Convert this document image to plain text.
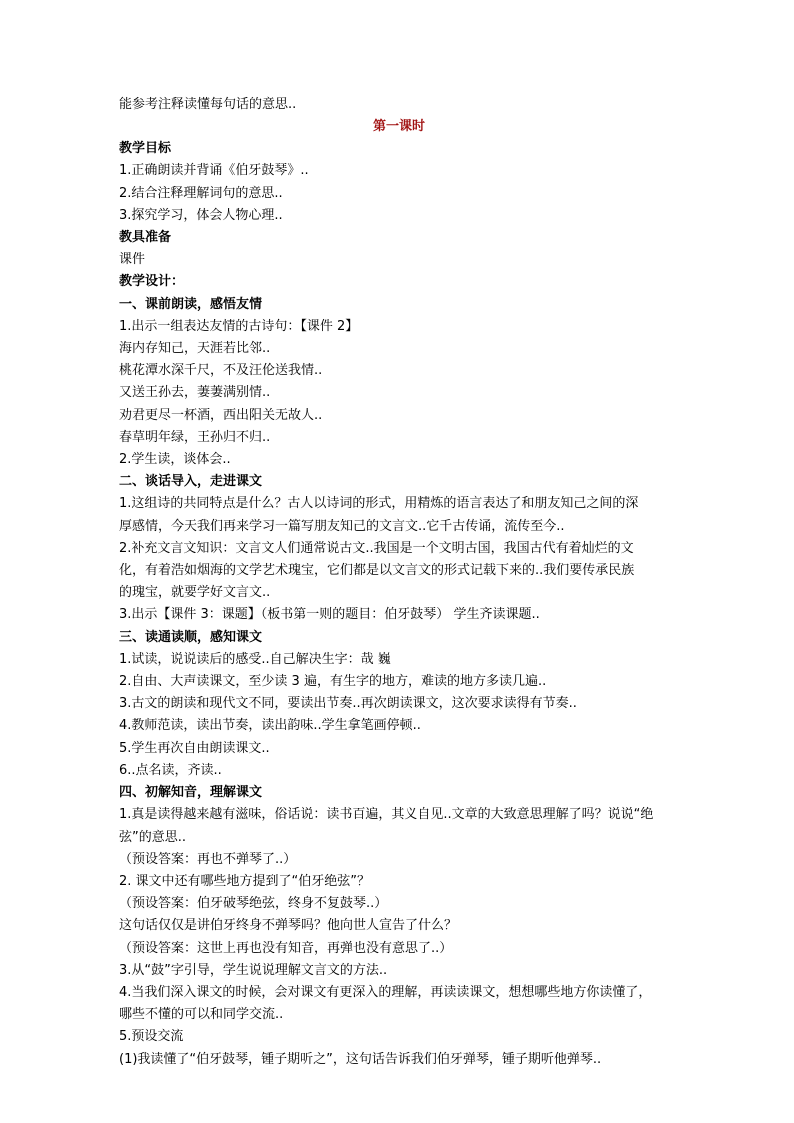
能参考注释读懂每句话的意思..
第一课时
教学目标
1.正确朗读并背诵《伯牙鼓琴》..
2.结合注释理解词句的意思..
3.探究学习，体会人物心理..
教具准备
课件
教学设计：
一、课前朗读，感悟友情
1.出示一组表达友情的古诗句：【课件 2】
海内存知己，天涯若比邻..
桃花潭水深千尺，不及汪伦送我情..
又送王孙去，萋萋满别情..
劝君更尽一杯酒，西出阳关无故人..
春草明年绿，王孙归不归..
2.学生读，谈体会..
二、谈话导入，走进课文
1.这组诗的共同特点是什么？古人以诗词的形式，用精炼的语言表达了和朋友知己之间的深
厚感情，今天我们再来学习一篇写朋友知己的文言文..它千古传诵，流传至今..
2.补充文言文知识：文言文人们通常说古文..我国是一个文明古国，我国古代有着灿烂的文
化，有着浩如烟海的文学艺术瑰宝，它们都是以文言文的形式记载下来的..我们要传承民族
的瑰宝，就要学好文言文..
3.出示【课件 3：课题】（板书第一则的题目：伯牙鼓琴） 学生齐读课题..
三、读通读顺，感知课文
1.试读，说说读后的感受..自己解决生字：哉 巍
2.自由、大声读课文，至少读 3 遍，有生字的地方，难读的地方多读几遍..
3.古文的朗读和现代文不同，要读出节奏..再次朗读课文，这次要求读得有节奏..
4.教师范读，读出节奏，读出韵味..学生拿笔画停顿..
5.学生再次自由朗读课文..
6..点名读，齐读..
四、初解知音，理解课文
1.真是读得越来越有滋味，俗话说：读书百遍，其义自见..文章的大致意思理解了吗？说说“绝
弦”的意思..
（预设答案：再也不弹琴了..）
2. 课文中还有哪些地方提到了“伯牙绝弦”？
（预设答案：伯牙破琴绝弦，终身不复鼓琴..）
这句话仅仅是讲伯牙终身不弹琴吗？他向世人宣告了什么？
（预设答案：这世上再也没有知音，再弹也没有意思了..）
3.从“鼓”字引导，学生说说理解文言文的方法..
4.当我们深入课文的时候，会对课文有更深入的理解，再读读课文，想想哪些地方你读懂了，
哪些不懂的可以和同学交流..
5.预设交流
(1)我读懂了“伯牙鼓琴，锺子期听之”，这句话告诉我们伯牙弹琴，锺子期听他弹琴..
